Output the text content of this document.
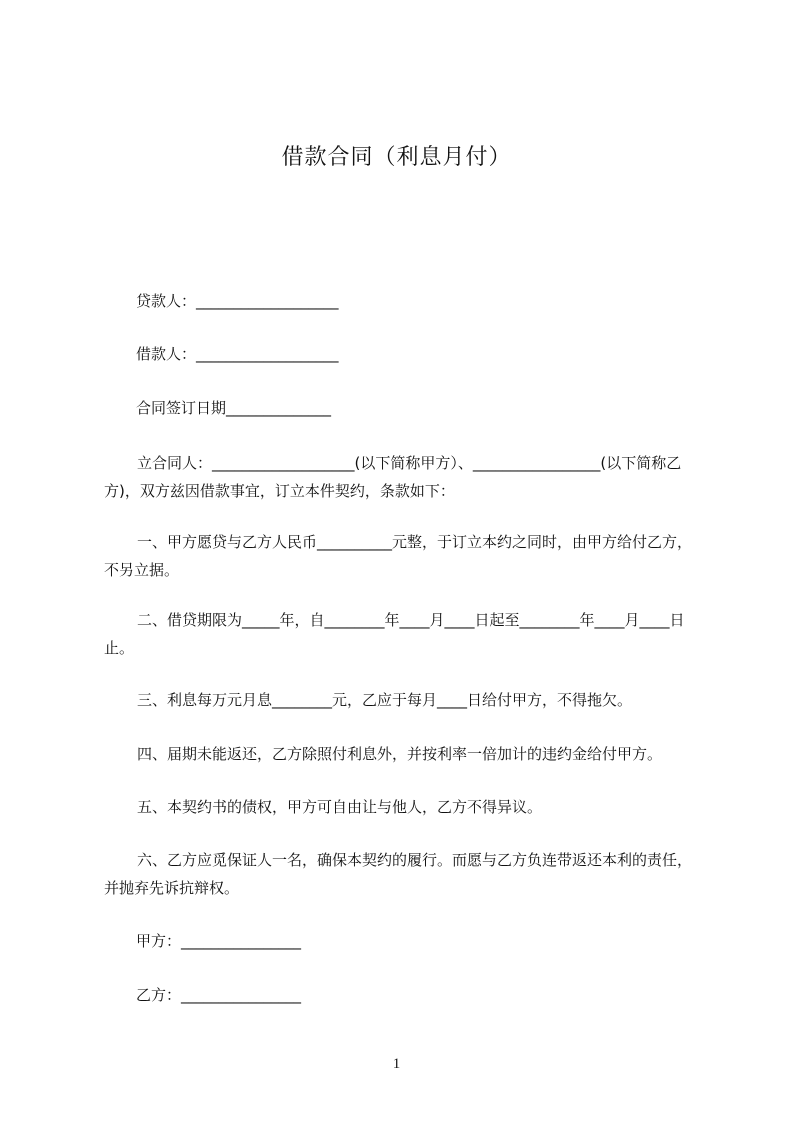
借款合同（利息月付）
贷款人：___________________
借款人：___________________
合同签订日期______________
立合同人：___________________(以下简称甲方）、_________________(以下简称乙方)，双方兹因借款事宜，订立本件契约，条款如下：
一、甲方愿贷与乙方人民币__________元整，于订立本约之同时，由甲方给付乙方，不另立据。
二、借贷期限为_____年，自________年____月____日起至________年____月____日止。
三、利息每万元月息________元，乙应于每月____日给付甲方，不得拖欠。
四、届期未能返还，乙方除照付利息外，并按利率一倍加计的违约金给付甲方。
五、本契约书的债权，甲方可自由让与他人，乙方不得异议。
六、乙方应觅保证人一名，确保本契约的履行。而愿与乙方负连带返还本利的责任，并抛弃先诉抗辩权。
甲方：________________
乙方：________________
1
